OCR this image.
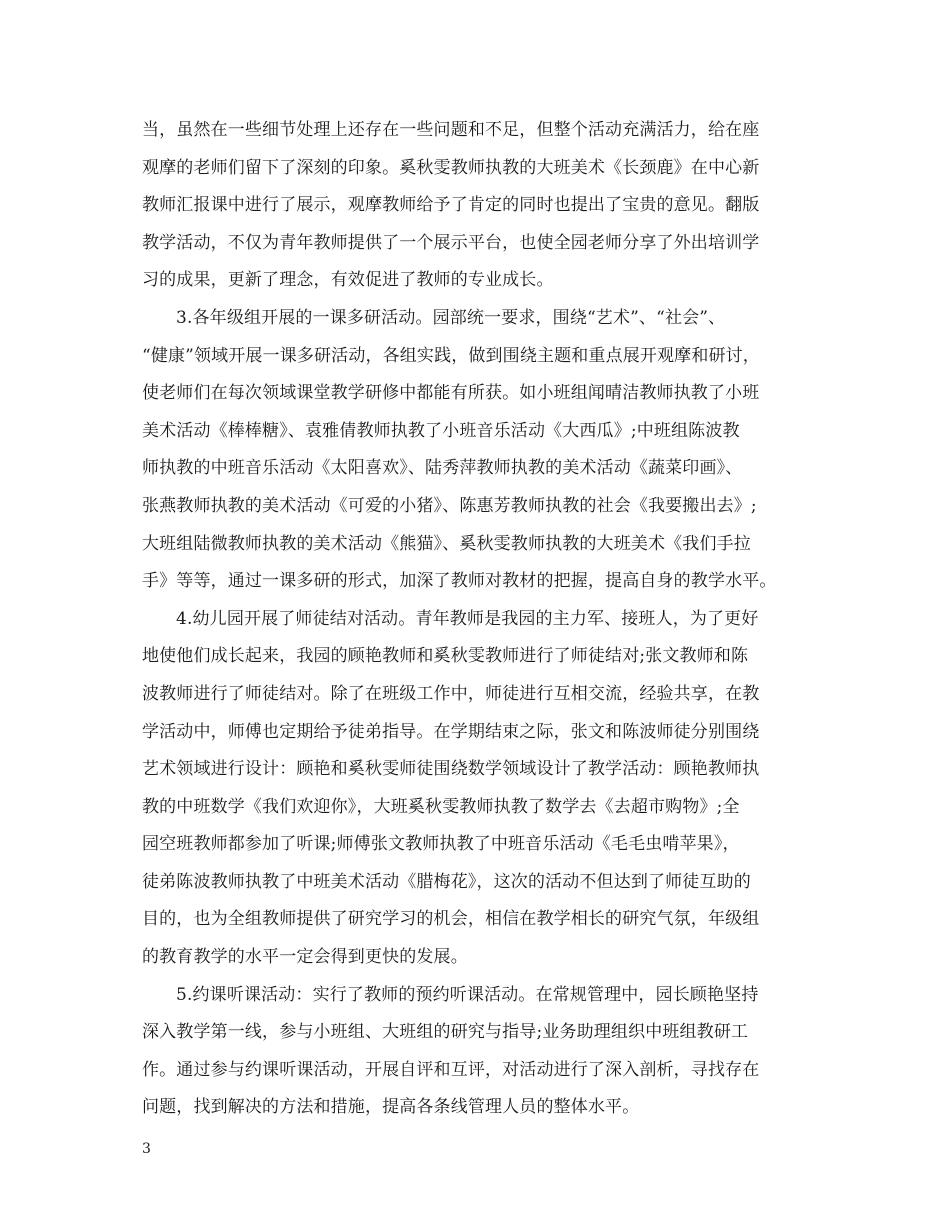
当，虽然在一些细节处理上还存在一些问题和不足，但整个活动充满活力，给在座
观摩的老师们留下了深刻的印象。奚秋雯教师执教的大班美术《长颈鹿》在中心新
教师汇报课中进行了展示，观摩教师给予了肯定的同时也提出了宝贵的意见。翻版
教学活动，不仅为青年教师提供了一个展示平台，也使全园老师分享了外出培训学
习的成果，更新了理念，有效促进了教师的专业成长。
3.各年级组开展的一课多研活动。园部统一要求，围绕“艺术”、“社会”、
“健康”领域开展一课多研活动，各组实践，做到围绕主题和重点展开观摩和研讨，
使老师们在每次领域课堂教学研修中都能有所获。如小班组闻晴洁教师执教了小班
美术活动《棒棒糖》、袁雅倩教师执教了小班音乐活动《大西瓜》;中班组陈波教
师执教的中班音乐活动《太阳喜欢》、陆秀萍教师执教的美术活动《蔬菜印画》、
张燕教师执教的美术活动《可爱的小猪》、陈惠芳教师执教的社会《我要搬出去》;
大班组陆微教师执教的美术活动《熊猫》、奚秋雯教师执教的大班美术《我们手拉
手》等等，通过一课多研的形式，加深了教师对教材的把握，提高自身的教学水平。
4.幼儿园开展了师徒结对活动。青年教师是我园的主力军、接班人，为了更好
地使他们成长起来，我园的顾艳教师和奚秋雯教师进行了师徒结对;张文教师和陈
波教师进行了师徒结对。除了在班级工作中，师徒进行互相交流，经验共享，在教
学活动中，师傅也定期给予徒弟指导。在学期结束之际，张文和陈波师徒分别围绕
艺术领域进行设计：顾艳和奚秋雯师徒围绕数学领域设计了教学活动：顾艳教师执
教的中班数学《我们欢迎你》，大班奚秋雯教师执教了数学去《去超市购物》;全
园空班教师都参加了听课;师傅张文教师执教了中班音乐活动《毛毛虫啃苹果》，
徒弟陈波教师执教了中班美术活动《腊梅花》，这次的活动不但达到了师徒互助的
目的，也为全组教师提供了研究学习的机会，相信在教学相长的研究气氛，年级组
的教育教学的水平一定会得到更快的发展。
5.约课听课活动：实行了教师的预约听课活动。在常规管理中，园长顾艳坚持
深入教学第一线，参与小班组、大班组的研究与指导;业务助理组织中班组教研工
作。通过参与约课听课活动，开展自评和互评，对活动进行了深入剖析，寻找存在
问题，找到解决的方法和措施，提高各条线管理人员的整体水平。
3
